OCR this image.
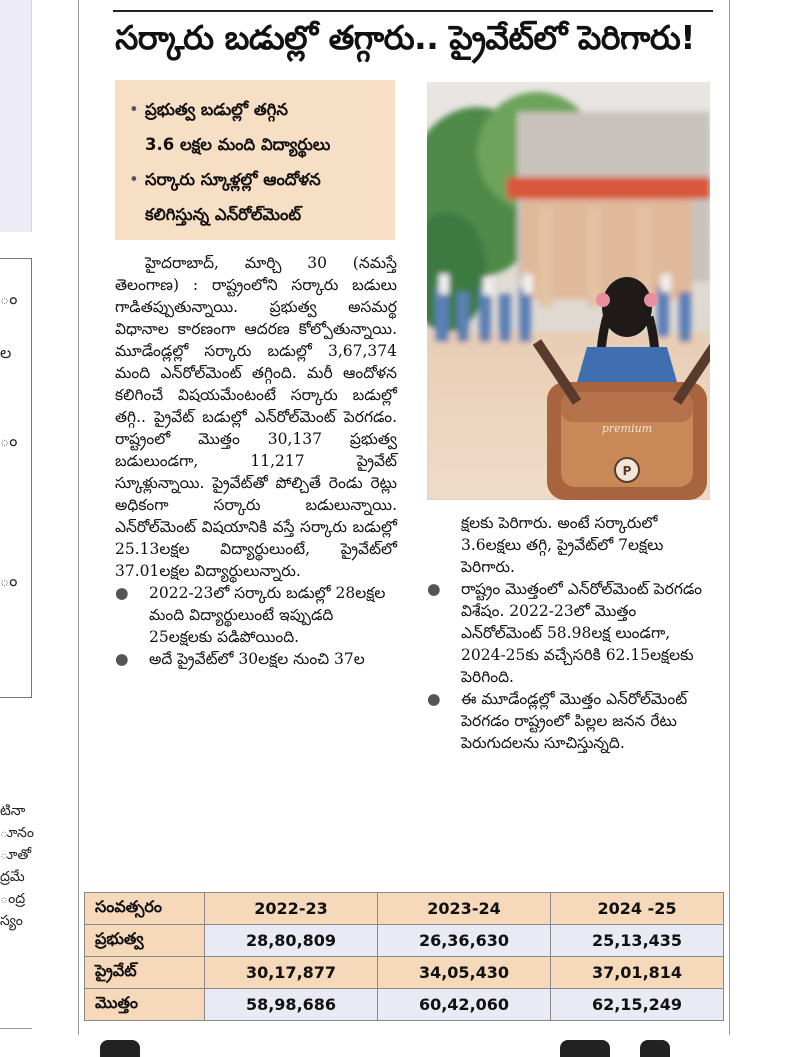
ం
ల
ం
ం
టినా
ూనం
ూతో
ద్రమే
ంద్ర
స్యం
సర్కారు బడుల్లో తగ్గారు.. ప్రైవేట్‌లో పెరిగారు!
• ప్రభుత్వ బడుల్లో తగ్గిన
3.6 లక్షల మంది విద్యార్థులు
• సర్కారు స్కూళ్లల్లో ఆందోళన
కలిగిస్తున్న ఎన్‌రోల్‌మెంట్
premium
P

హైదరాబాద్, మార్చి 30 (నమస్తే తెలంగాణ) : రాష్ట్రంలోని సర్కారు బడులు గాడితప్పుతున్నాయి. ప్రభుత్వ అసమర్థ విధానాల కారణంగా ఆదరణ కోల్పోతున్నాయి. మూడేండ్లల్లో సర్కారు బడుల్లో 3,67,374 మంది ఎన్‌రోల్‌మెంట్ తగ్గింది. మరీ ఆందోళన కలిగించే విషయమేంటంటే సర్కారు బడుల్లో తగ్గి.. ప్రైవేట్ బడుల్లో ఎన్‌రోల్‌మెంట్ పెరగడం. రాష్ట్రంలో మొత్తం 30,137 ప్రభుత్వ బడులుండగా, 11,217 ప్రైవేట్ స్కూళ్లున్నాయి. ప్రైవేట్‌తో పోల్చితే రెండు రెట్లు అధికంగా సర్కారు బడులున్నాయి. ఎన్‌రోల్‌మెంట్ విషయానికి వస్తే సర్కారు బడుల్లో 25.13లక్షల విద్యార్థులుంటే, ప్రైవేట్‌లో 37.01లక్షల విద్యార్థులున్నారు.

● 2022-23లో సర్కారు బడుల్లో 28లక్షల మంది విద్యార్థులుంటే ఇప్పుడది 25లక్షలకు పడిపోయింది.
● అదే ప్రైవేట్‌లో 30లక్షల నుంచి 37ల

క్షలకు పెరిగారు. అంటే సర్కారులో 3.6లక్షలు తగ్గి, ప్రైవేట్‌లో 7లక్షలు పెరిగారు.

● రాష్ట్రం మొత్తంలో ఎన్‌రోల్‌మెంట్ పెరగడం విశేషం. 2022-23లో మొత్తం ఎన్‌రోల్‌మెంట్ 58.98లక్ష లుండగా, 2024-25కు వచ్చేసరికి 62.15లక్షలకు పెరిగింది.
● ఈ మూడేండ్లల్లో మొత్తం ఎన్‌రోల్‌మెంట్ పెరగడం రాష్ట్రంలో పిల్లల జనన రేటు పెరుగుదలను సూచిస్తున్నది.
సంవత్సరం	2022-23	2023-24	2024 -25
ప్రభుత్వ	28,80,809	26,36,630	25,13,435
ప్రైవేట్	30,17,877	34,05,430	37,01,814
మొత్తం	58,98,686	60,42,060	62,15,249
